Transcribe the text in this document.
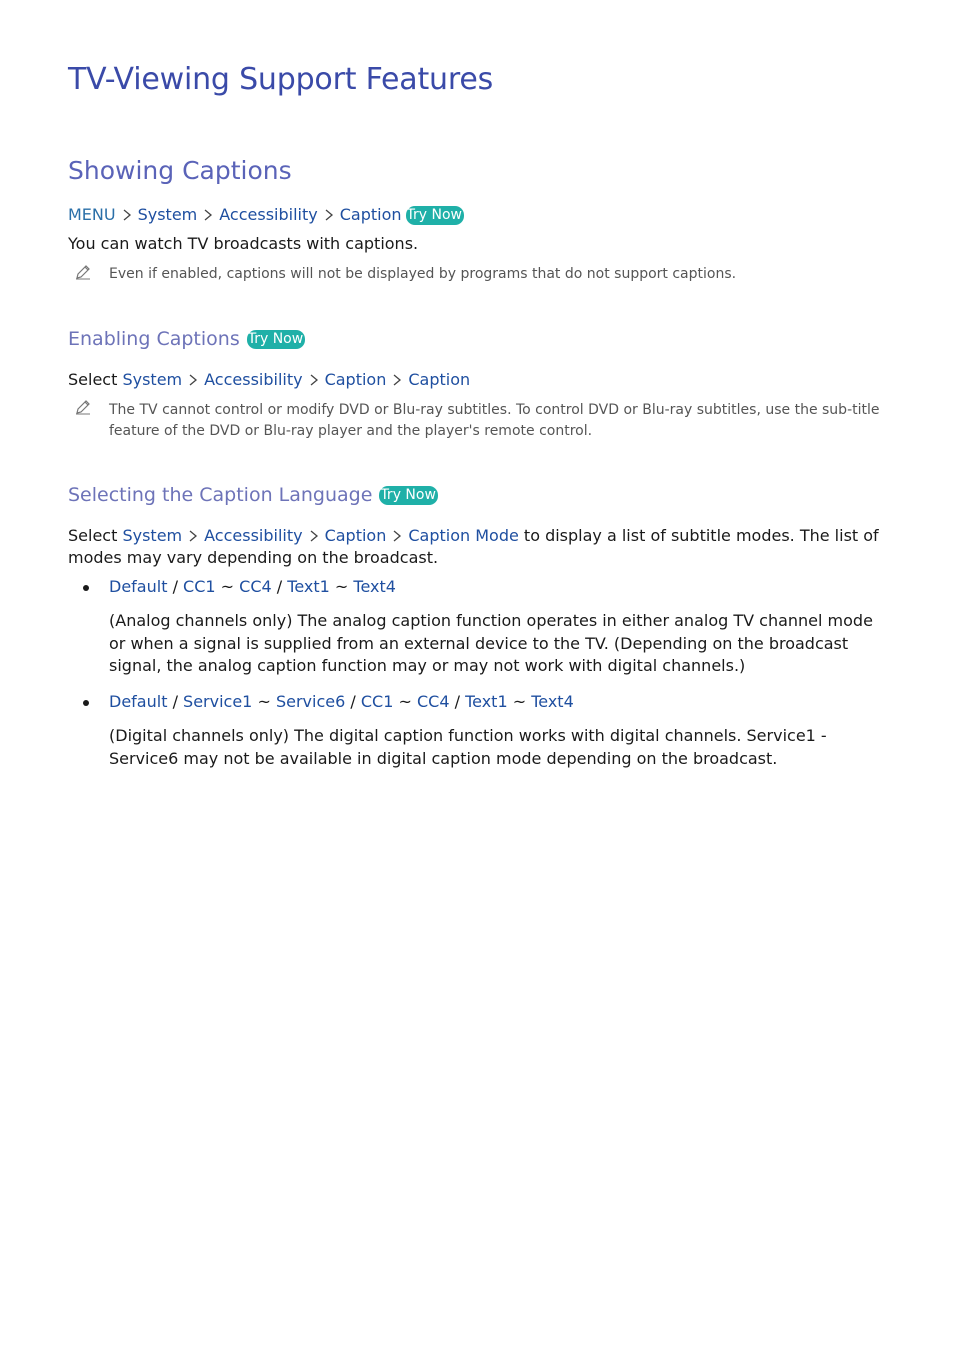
TV-Viewing Support Features
Showing Captions
MENU System Accessibility Caption Try Now
You can watch TV broadcasts with captions.
Even if enabled, captions will not be displayed by programs that do not support captions.
Enabling Captions Try Now
Select System Accessibility Caption Caption
The TV cannot control or modify DVD or Blu-ray subtitles. To control DVD or Blu-ray subtitles, use the sub-title feature of the DVD or Blu-ray player and the player's remote control.
Selecting the Caption Language Try Now
Select System Accessibility Caption Caption Mode to display a list of subtitle modes. The list of modes may vary depending on the broadcast.
Default / CC1 ~ CC4 / Text1 ~ Text4
(Analog channels only) The analog caption function operates in either analog TV channel mode or when a signal is supplied from an external device to the TV. (Depending on the broadcast signal, the analog caption function may or may not work with digital channels.)
Default / Service1 ~ Service6 / CC1 ~ CC4 / Text1 ~ Text4
(Digital channels only) The digital caption function works with digital channels. Service1 - Service6 may not be available in digital caption mode depending on the broadcast.
